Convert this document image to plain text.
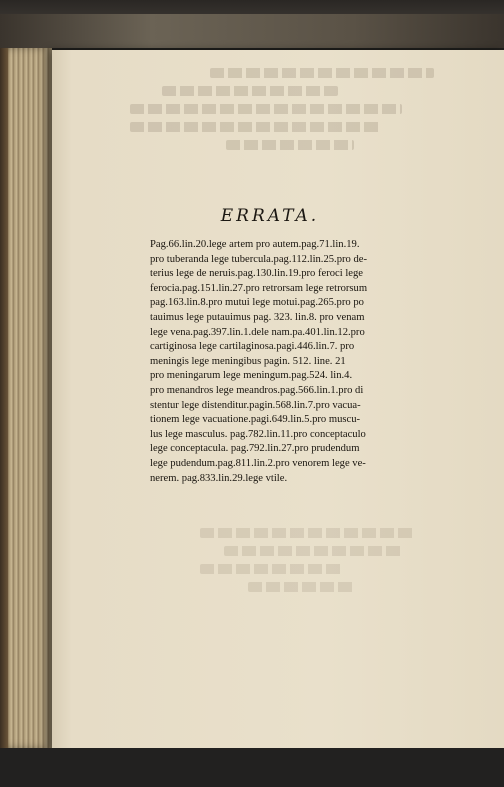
ERRATA.
Pag.66.lin.20.lege artem pro autem.pag.71.lin.19.
pro tuberanda lege tubercula.pag.112.lin.25.pro de-
terius lege de neruis.pag.130.lin.19.pro feroci lege
ferocia.pag.151.lin.27.pro retrorsam lege retrorsum
pag.163.lin.8.pro mutui lege motui.pag.265.pro po
tauimus lege putauimus pag. 323. lin.8. pro venam
lege vena.pag.397.lin.1.dele nam.pa.401.lin.12.pro
cartiginosa lege cartilaginosa.pagi.446.lin.7. pro
meningis lege meningibus pagin. 512. line. 21
pro meningarum lege meningum.pag.524. lin.4.
pro menandros lege meandros.pag.566.lin.1.pro di
stentur lege distenditur.pagin.568.lin.7.pro vacua-
tionem lege vacuatione.pagi.649.lin.5.pro muscu-
lus lege masculus. pag.782.lin.11.pro conceptaculo
lege conceptacula. pag.792.lin.27.pro prudendum
lege pudendum.pag.811.lin.2.pro venorem lege ve-
nerem. pag.833.lin.29.lege vtile.
